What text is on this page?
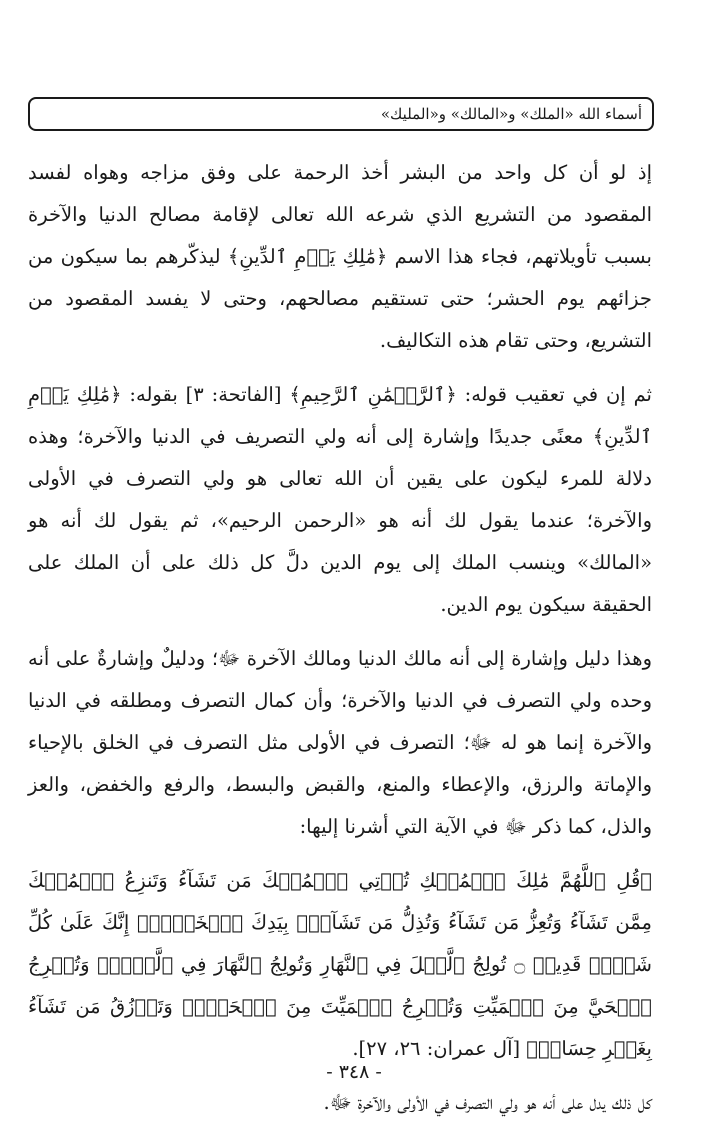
أسماء الله «الملك» و«المالك» و«المليك»

إذ لو أن كل واحد من البشر أخذ الرحمة على وفق مزاجه وهواه لفسد المقصود من التشريع الذي شرعه الله تعالى لإقامة مصالح الدنيا والآخرة بسبب تأويلاتهم، فجاء هذا الاسم ﴿مَٰلِكِ يَوۡمِ ٱلدِّينِ﴾ ليذكّرهم بما سيكون من جزائهم يوم الحشر؛ حتى تستقيم مصالحهم، وحتى لا يفسد المقصود من التشريع، وحتى تقام هذه التكاليف.

ثم إن في تعقيب قوله: ﴿ٱلرَّحۡمَٰنِ ٱلرَّحِيمِ﴾ [الفاتحة: ٣] بقوله: ﴿مَٰلِكِ يَوۡمِ ٱلدِّينِ﴾ معنًى جديدًا وإشارة إلى أنه ولي التصريف في الدنيا والآخرة؛ وهذه دلالة للمرء ليكون على يقين أن الله تعالى هو ولي التصرف في الأولى والآخرة؛ عندما يقول لك أنه هو «الرحمن الرحيم»، ثم يقول لك أنه هو «المالك» وينسب الملك إلى يوم الدين دلَّ كل ذلك على أن الملك على الحقيقة سيكون يوم الدين.

وهذا دليل وإشارة إلى أنه مالك الدنيا ومالك الآخرة ﷻ؛ ودليلٌ وإشارةٌ على أنه وحده ولي التصرف في الدنيا والآخرة؛ وأن كمال التصرف ومطلقه في الدنيا والآخرة إنما هو له ﷻ؛ التصرف في الأولى مثل التصرف في الخلق بالإحياء والإماتة والرزق، والإعطاء والمنع، والقبض والبسط، والرفع والخفض، والعز والذل، كما ذكر ﷻ في الآية التي أشرنا إليها:

﴿قُلِ ٱللَّهُمَّ مَٰلِكَ ٱلۡمُلۡكِ تُؤۡتِي ٱلۡمُلۡكَ مَن تَشَآءُ وَتَنزِعُ ٱلۡمُلۡكَ مِمَّن تَشَآءُ وَتُعِزُّ مَن تَشَآءُ وَتُذِلُّ مَن تَشَآءُۖ بِيَدِكَ ٱلۡخَيۡرُۖ إِنَّكَ عَلَىٰ كُلِّ شَيۡءٖ قَدِيرٞ ۝ تُولِجُ ٱلَّيۡلَ فِي ٱلنَّهَارِ وَتُولِجُ ٱلنَّهَارَ فِي ٱلَّيۡلِۖ وَتُخۡرِجُ ٱلۡحَيَّ مِنَ ٱلۡمَيِّتِ وَتُخۡرِجُ ٱلۡمَيِّتَ مِنَ ٱلۡحَيِّۖ وَتَرۡزُقُ مَن تَشَآءُ بِغَيۡرِ حِسَابٖ﴾ [آل عمران: ٢٦، ٢٧].

كل ذلك يدل على أنه هو ولي التصرف في الأولى والآخرة ﷻ.

- ٣٤٨ -
